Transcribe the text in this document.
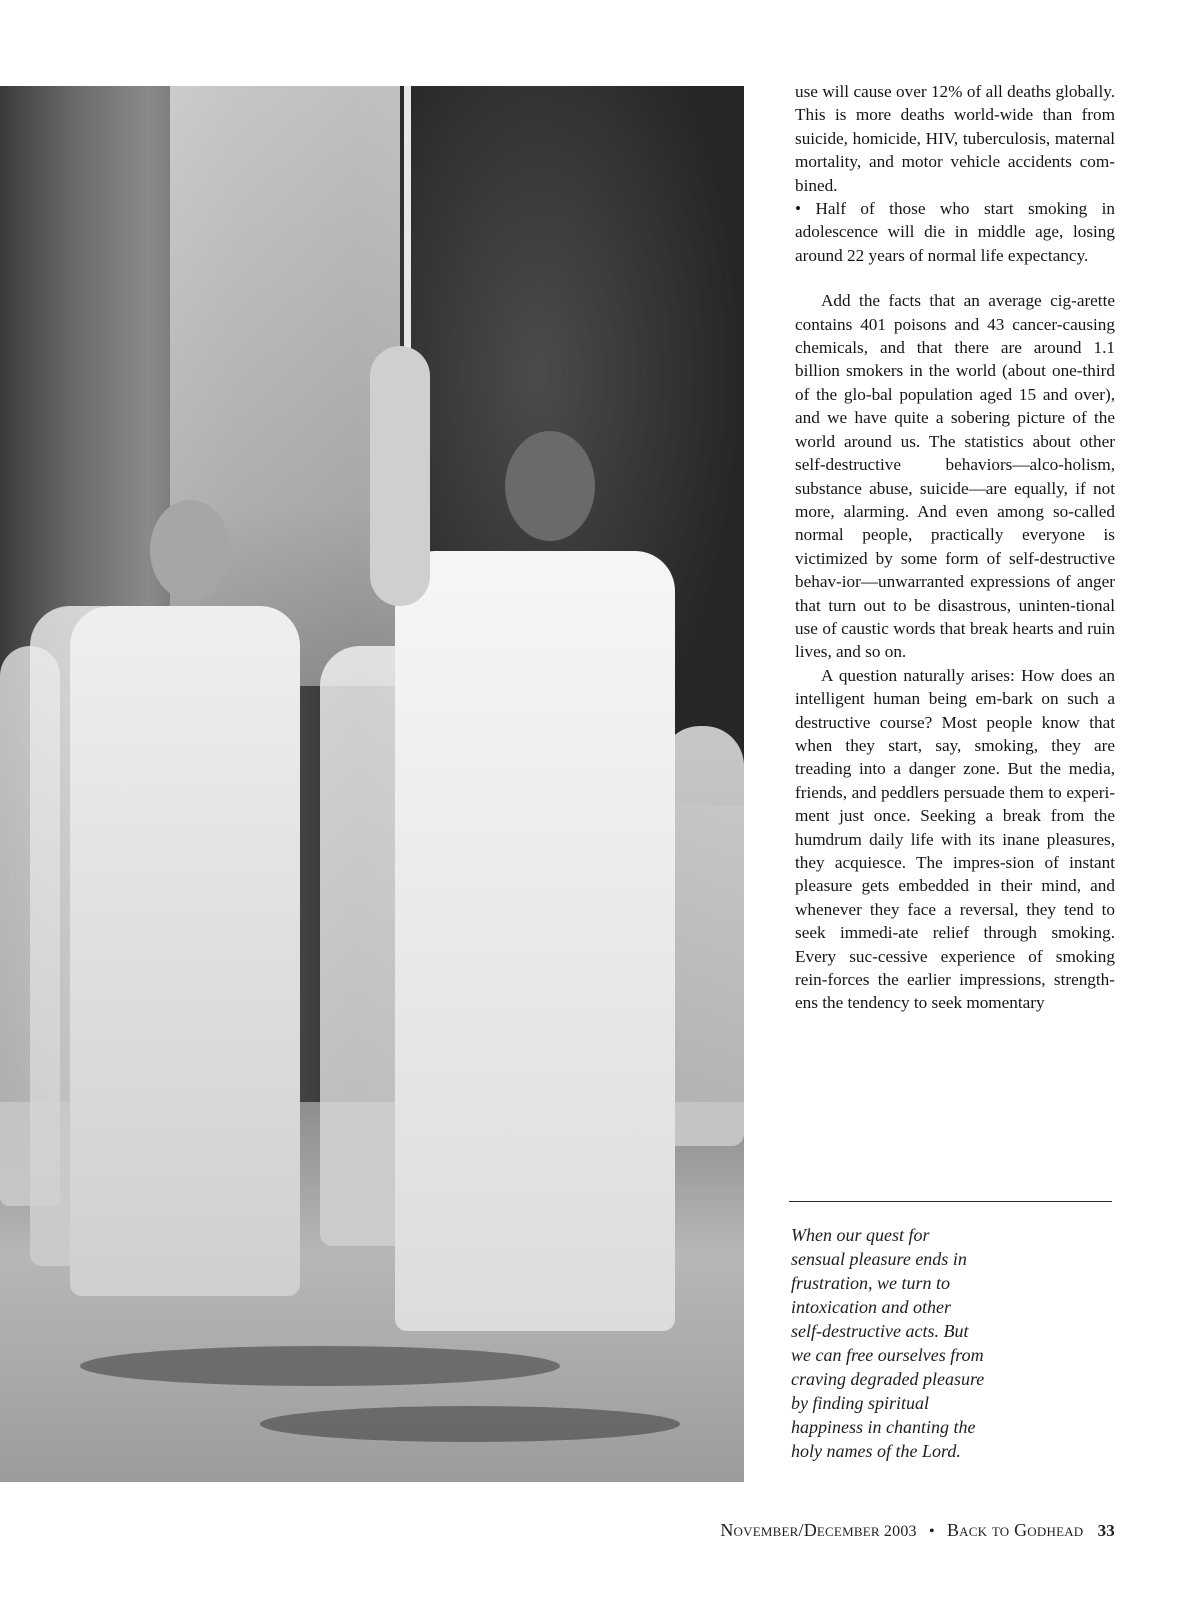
use will cause over 12% of all deaths globally. This is more deaths world-wide than from suicide, homicide, HIV, tuberculosis, maternal mortality, and motor vehicle accidents com-bined.

• Half of those who start smoking in adolescence will die in middle age, losing around 22 years of normal life expectancy.

Add the facts that an average cig-arette contains 401 poisons and 43 cancer-causing chemicals, and that there are around 1.1 billion smokers in the world (about one-third of the glo-bal population aged 15 and over), and we have quite a sobering picture of the world around us. The statistics about other self-destructive behaviors—alco-holism, substance abuse, suicide—are equally, if not more, alarming. And even among so-called normal people, practically everyone is victimized by some form of self-destructive behav-ior—unwarranted expressions of anger that turn out to be disastrous, uninten-tional use of caustic words that break hearts and ruin lives, and so on.

A question naturally arises: How does an intelligent human being em-bark on such a destructive course? Most people know that when they start, say, smoking, they are treading into a danger zone. But the media, friends, and peddlers persuade them to experi-ment just once. Seeking a break from the humdrum daily life with its inane pleasures, they acquiesce. The impres-sion of instant pleasure gets embedded in their mind, and whenever they face a reversal, they tend to seek immedi-ate relief through smoking. Every suc-cessive experience of smoking rein-forces the earlier impressions, strength-ens the tendency to seek momentary

When our quest for
sensual pleasure ends in
frustration, we turn to
intoxication and other
self-destructive acts. But
we can free ourselves from
craving degraded pleasure
by finding spiritual
happiness in chanting the
holy names of the Lord.
November/December 2003 • Back to Godhead 33
